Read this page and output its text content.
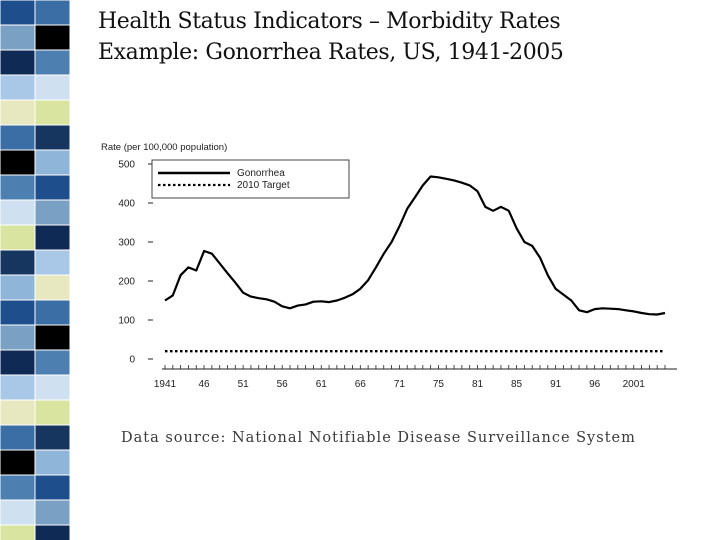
Health Status Indicators – Morbidity Rates
Example: Gonorrhea Rates, US, 1941-2005
Rate (per 100,000 population)
0
100
200
300
400
500
1941 46	51	56	61	66	71	75	81	85	91	96 2001
Gonorrhea
2010 Target
Data source: National Notifiable Disease Surveillance System
